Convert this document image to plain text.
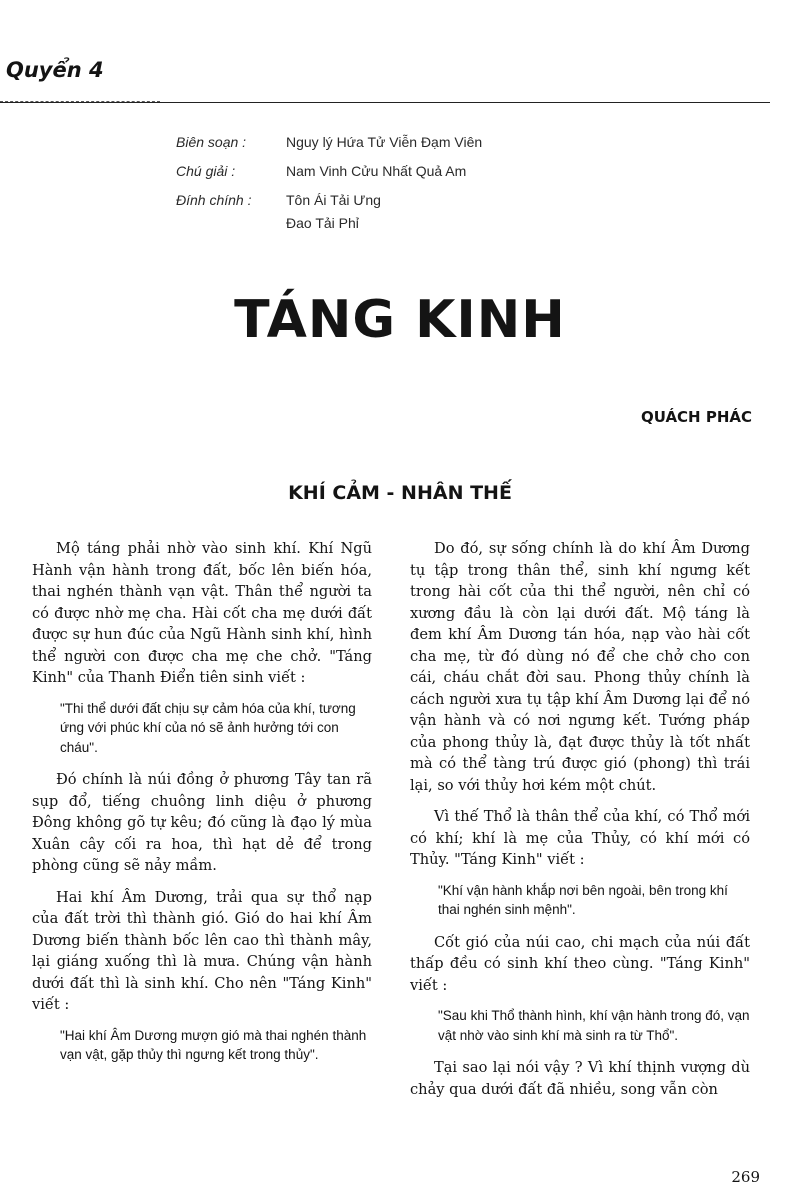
Quyển 4

Biên soạn :	Nguy lý Hứa Tử Viễn Đạm Viên
Chú giải :	Nam Vinh Cửu Nhất Quả Am
Đính chính :	Tôn Ái Tải Ưng
Đao Tải Phỉ
TÁNG KINH

QUÁCH PHÁC

KHÍ CẢM - NHÂN THẾ

Mộ táng phải nhờ vào sinh khí. Khí Ngũ Hành vận hành trong đất, bốc lên biến hóa, thai nghén thành vạn vật. Thân thể người ta có được nhờ mẹ cha. Hài cốt cha mẹ dưới đất được sự hun đúc của Ngũ Hành sinh khí, hình thể người con được cha mẹ che chở. "Táng Kinh" của Thanh Điển tiên sinh viết :

"Thi thể dưới đất chịu sự cảm hóa của khí, tương ứng với phúc khí của nó sẽ ảnh hưởng tới con cháu".

Đó chính là núi đồng ở phương Tây tan rã sụp đổ, tiếng chuông linh diệu ở phương Đông không gõ tự kêu; đó cũng là đạo lý mùa Xuân cây cối ra hoa, thì hạt dẻ để trong phòng cũng sẽ nảy mầm.

Hai khí Âm Dương, trải qua sự thổ nạp của đất trời thì thành gió. Gió do hai khí Âm Dương biến thành bốc lên cao thì thành mây, lại giáng xuống thì là mưa. Chúng vận hành dưới đất thì là sinh khí. Cho nên "Táng Kinh" viết :

"Hai khí Âm Dương mượn gió mà thai nghén thành vạn vật, gặp thủy thì ngưng kết trong thủy".

Do đó, sự sống chính là do khí Âm Dương tụ tập trong thân thể, sinh khí ngưng kết trong hài cốt của thi thể người, nên chỉ có xương đầu là còn lại dưới đất. Mộ táng là đem khí Âm Dương tán hóa, nạp vào hài cốt cha mẹ, từ đó dùng nó để che chở cho con cái, cháu chắt đời sau. Phong thủy chính là cách người xưa tụ tập khí Âm Dương lại để nó vận hành và có nơi ngưng kết. Tướng pháp của phong thủy là, đạt được thủy là tốt nhất mà có thể tàng trú được gió (phong) thì trái lại, so với thủy hơi kém một chút.

Vì thế Thổ là thân thể của khí, có Thổ mới có khí; khí là mẹ của Thủy, có khí mới có Thủy. "Táng Kinh" viết :

"Khí vận hành khắp nơi bên ngoài, bên trong khí thai nghén sinh mệnh".

Cốt gió của núi cao, chi mạch của núi đất thấp đều có sinh khí theo cùng. "Táng Kinh" viết :

"Sau khi Thổ thành hình, khí vận hành trong đó, vạn vật nhờ vào sinh khí mà sinh ra từ Thổ".

Tại sao lại nói vậy ? Vì khí thịnh vượng dù chảy qua dưới đất đã nhiều, song vẫn còn

269
